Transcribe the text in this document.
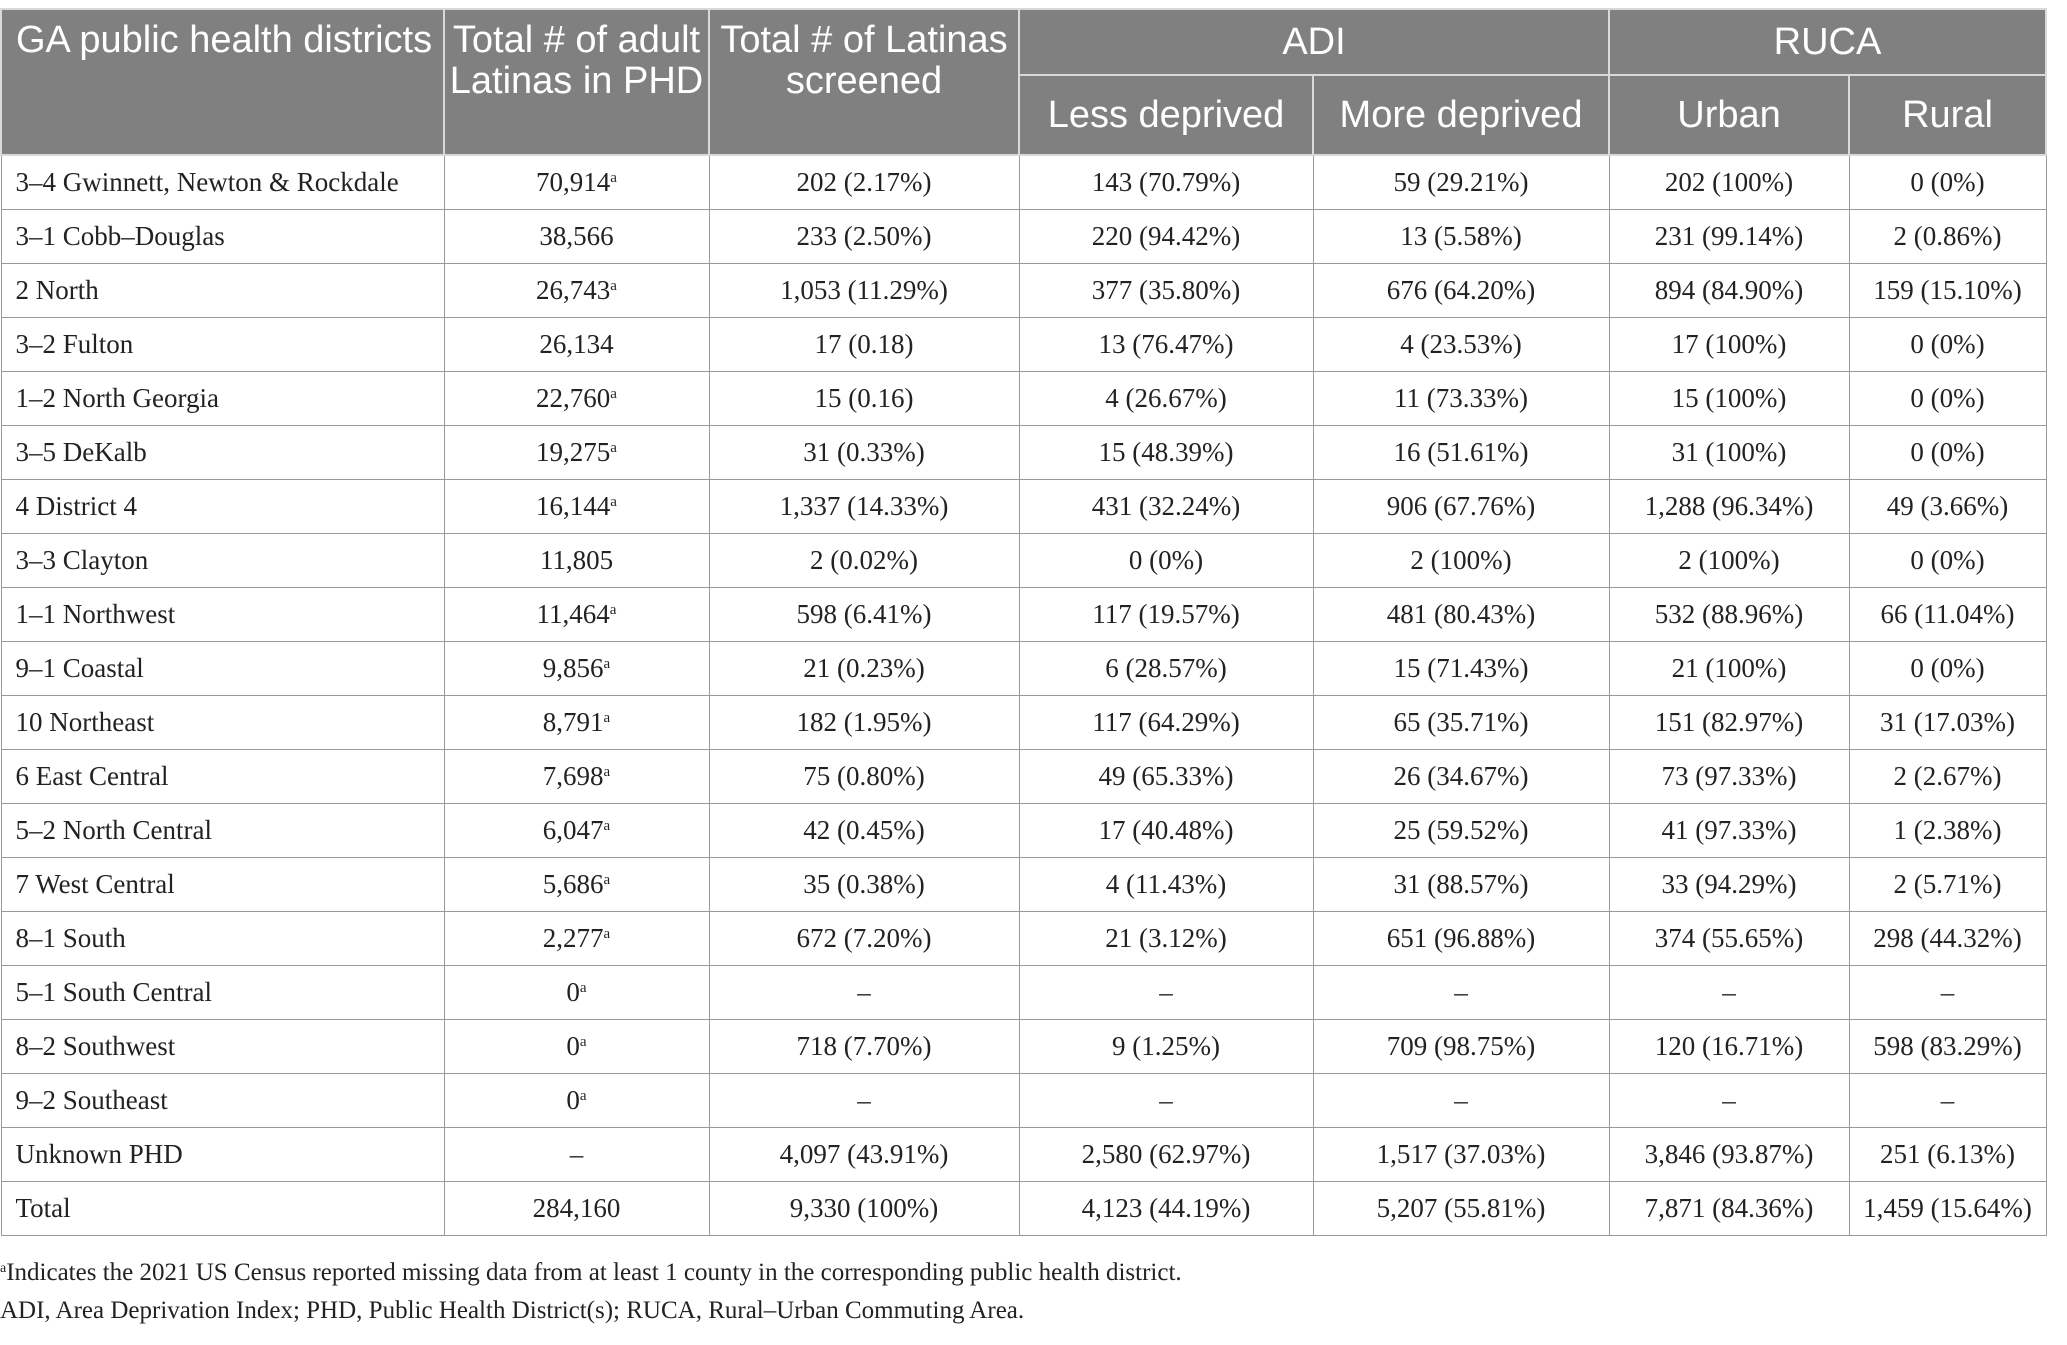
GA public health districts	Total # of adult Latinas in PHD	Total # of Latinas screened	ADI		RUCA	
			Less deprived	More deprived	Urban	Rural
3–4 Gwinnett, Newton & Rockdale	70,914$^a$	202 (2.17%)	143 (70.79%)	59 (29.21%)	202 (100%)	0 (0%)
3–1 Cobb–Douglas	38,566	233 (2.50%)	220 (94.42%)	13 (5.58%)	231 (99.14%)	2 (0.86%)
2 North	26,743$^a$	1,053 (11.29%)	377 (35.80%)	676 (64.20%)	894 (84.90%)	159 (15.10%)
3–2 Fulton	26,134	17 (0.18)	13 (76.47%)	4 (23.53%)	17 (100%)	0 (0%)
1–2 North Georgia	22,760$^a$	15 (0.16)	4 (26.67%)	11 (73.33%)	15 (100%)	0 (0%)
3–5 DeKalb	19,275$^a$	31 (0.33%)	15 (48.39%)	16 (51.61%)	31 (100%)	0 (0%)
4 District 4	16,144$^a$	1,337 (14.33%)	431 (32.24%)	906 (67.76%)	1,288 (96.34%)	49 (3.66%)
3–3 Clayton	11,805	2 (0.02%)	0 (0%)	2 (100%)	2 (100%)	0 (0%)
1–1 Northwest	11,464$^a$	598 (6.41%)	117 (19.57%)	481 (80.43%)	532 (88.96%)	66 (11.04%)
9–1 Coastal	9,856$^a$	21 (0.23%)	6 (28.57%)	15 (71.43%)	21 (100%)	0 (0%)
10 Northeast	8,791$^a$	182 (1.95%)	117 (64.29%)	65 (35.71%)	151 (82.97%)	31 (17.03%)
6 East Central	7,698$^a$	75 (0.80%)	49 (65.33%)	26 (34.67%)	73 (97.33%)	2 (2.67%)
5–2 North Central	6,047$^a$	42 (0.45%)	17 (40.48%)	25 (59.52%)	41 (97.33%)	1 (2.38%)
7 West Central	5,686$^a$	35 (0.38%)	4 (11.43%)	31 (88.57%)	33 (94.29%)	2 (5.71%)
8–1 South	2,277$^a$	672 (7.20%)	21 (3.12%)	651 (96.88%)	374 (55.65%)	298 (44.32%)
5–1 South Central	0$^a$	–	–	–	–	–
8–2 Southwest	0$^a$	718 (7.70%)	9 (1.25%)	709 (98.75%)	120 (16.71%)	598 (83.29%)
9–2 Southeast	0$^a$	–	–	–	–	–
Unknown PHD	–	4,097 (43.91%)	2,580 (62.97%)	1,517 (37.03%)	3,846 (93.87%)	251 (6.13%)
Total	284,160	9,330 (100%)	4,123 (44.19%)	5,207 (55.81%)	7,871 (84.36%)	1,459 (15.64%)
$^a$Indicates the 2021 US Census reported missing data from at least 1 county in the corresponding public health district.
ADI, Area Deprivation Index; PHD, Public Health District(s); RUCA, Rural–Urban Commuting Area.
